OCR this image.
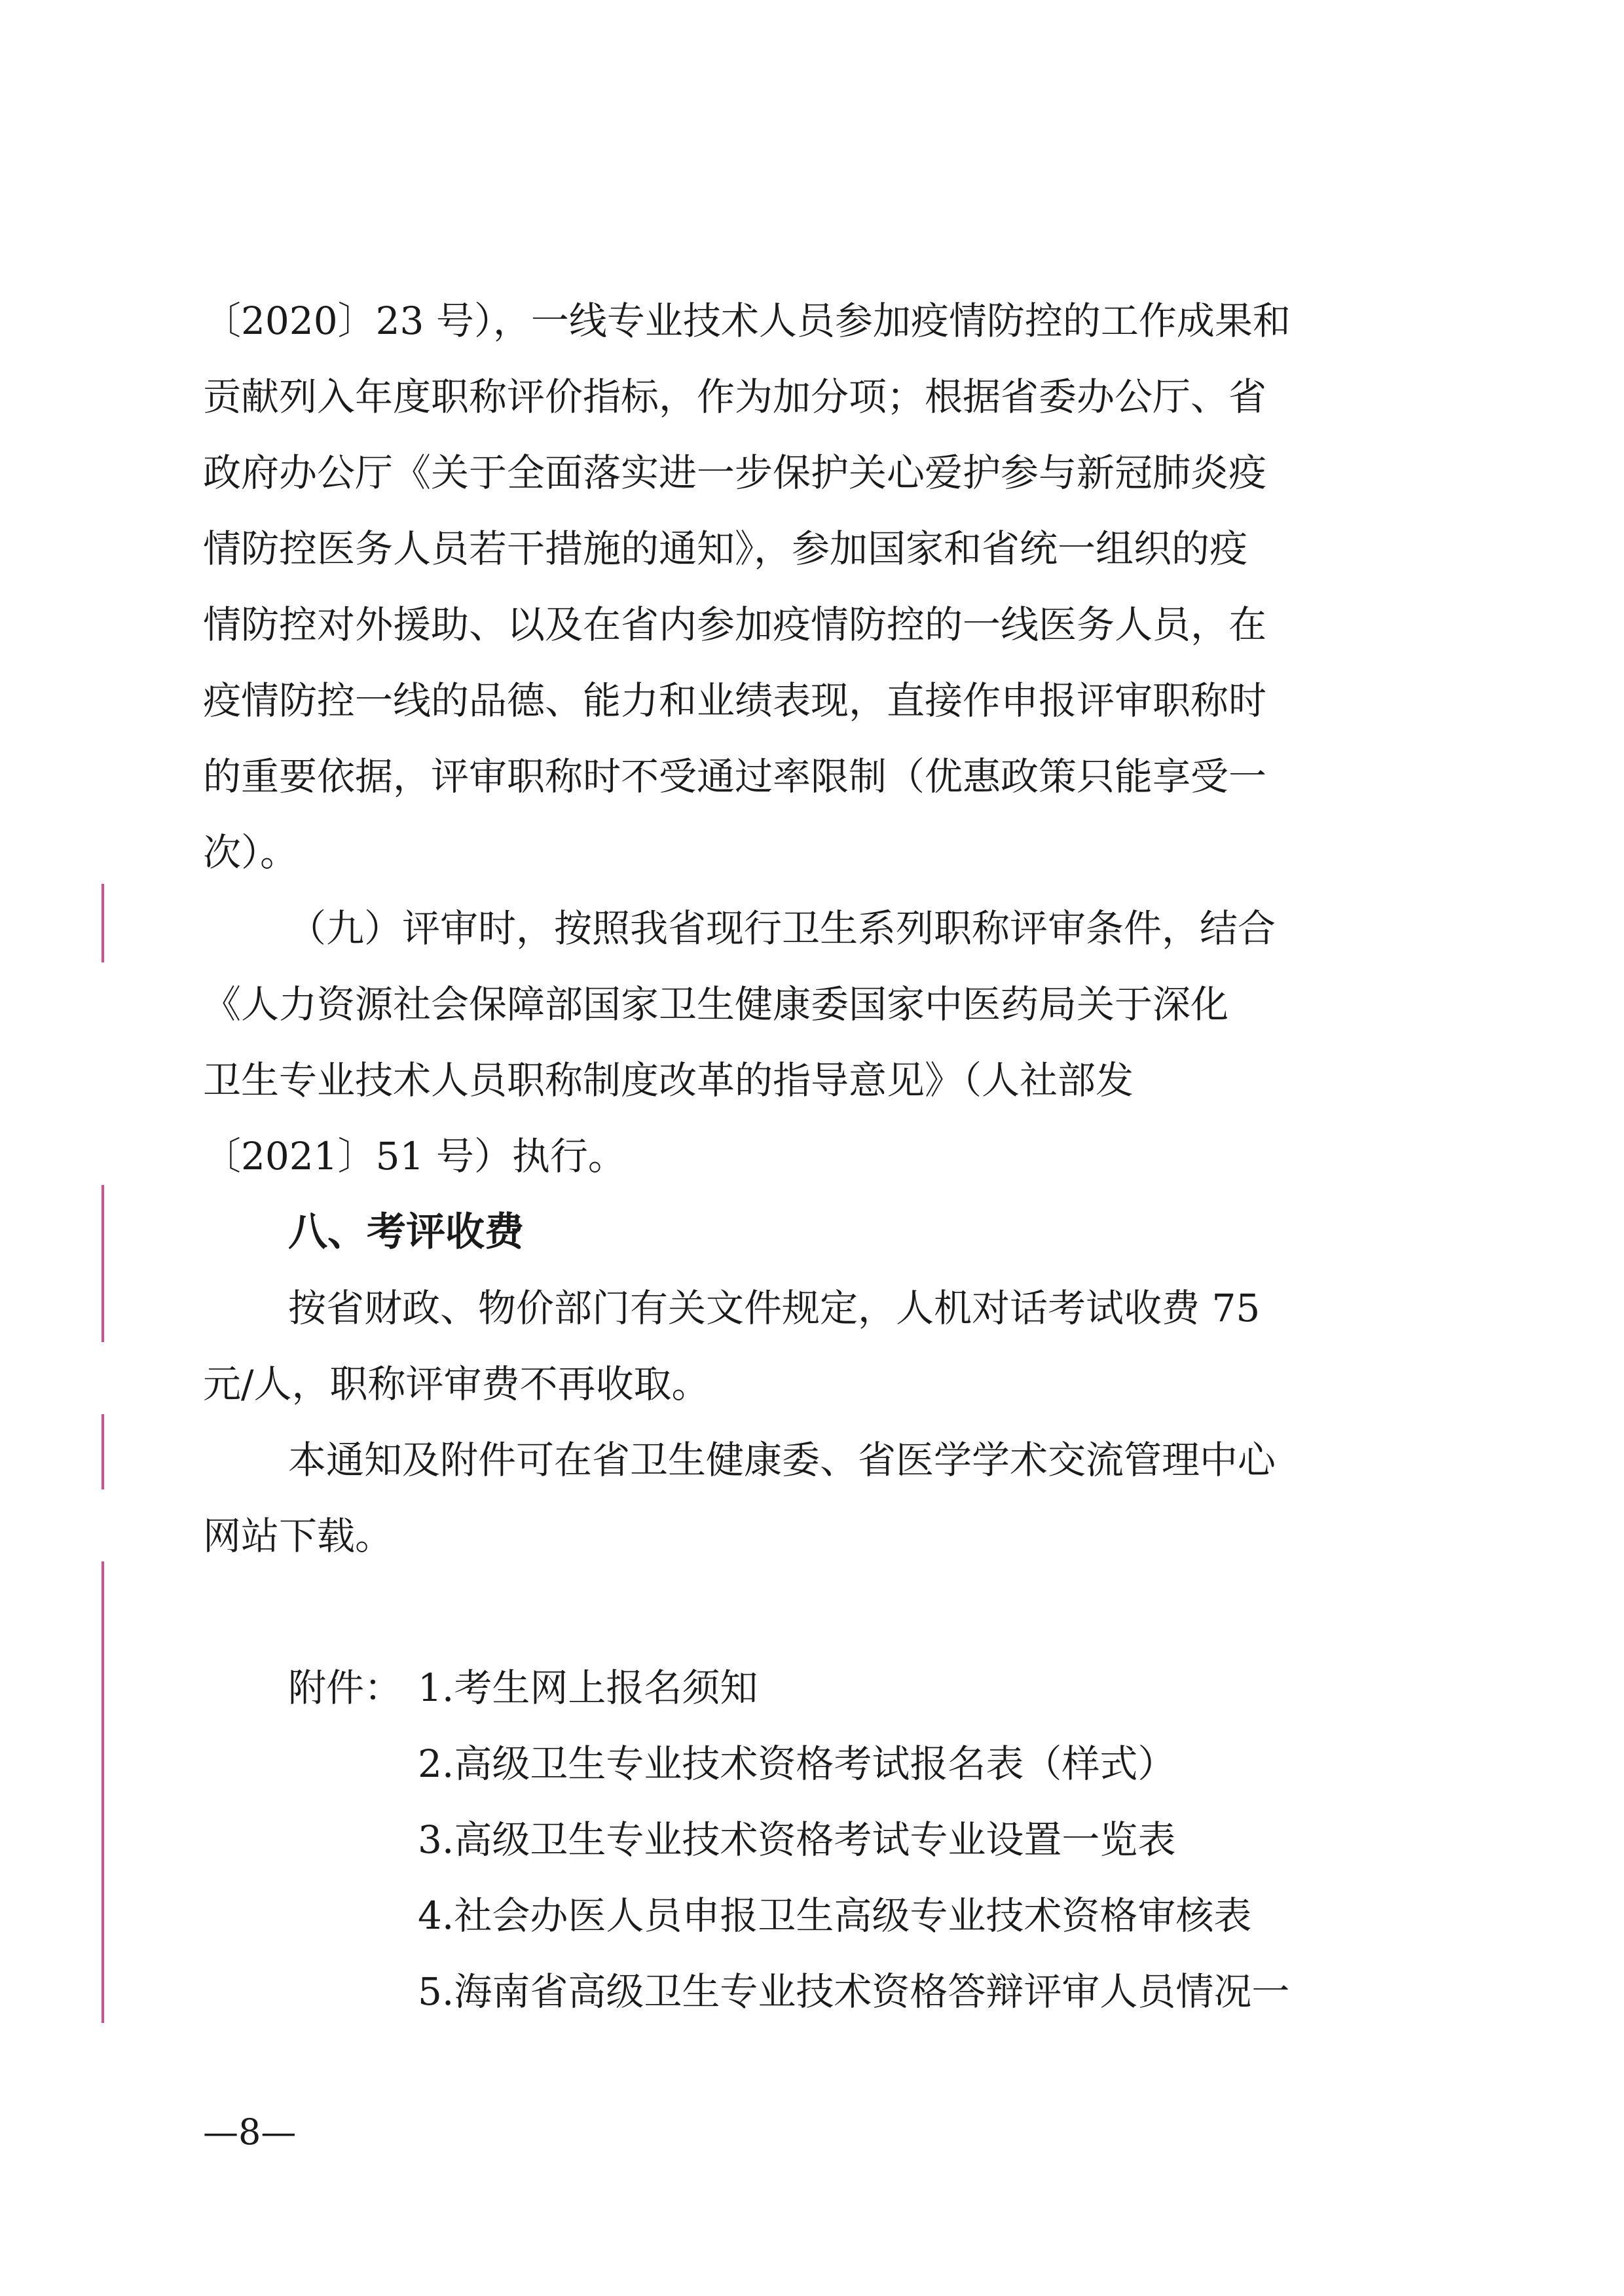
〔2020〕23 号），一线专业技术人员参加疫情防控的工作成果和
贡献列入年度职称评价指标，作为加分项；根据省委办公厅、省
政府办公厅《关于全面落实进一步保护关心爱护参与新冠肺炎疫
情防控医务人员若干措施的通知》，参加国家和省统一组织的疫
情防控对外援助、以及在省内参加疫情防控的一线医务人员，在
疫情防控一线的品德、能力和业绩表现，直接作申报评审职称时
的重要依据，评审职称时不受通过率限制（优惠政策只能享受一
次）。
（九）评审时，按照我省现行卫生系列职称评审条件，结合
《人力资源社会保障部国家卫生健康委国家中医药局关于深化
卫生专业技术人员职称制度改革的指导意见》（人社部发
〔2021〕51 号）执行。
八、考评收费
按省财政、物价部门有关文件规定，人机对话考试收费 75
元/人，职称评审费不再收取。
本通知及附件可在省卫生健康委、省医学学术交流管理中心
网站下载。
附件： 1.考生网上报名须知
2.高级卫生专业技术资格考试报名表（样式）
3.高级卫生专业技术资格考试专业设置一览表
4.社会办医人员申报卫生高级专业技术资格审核表
5.海南省高级卫生专业技术资格答辩评审人员情况一
—8—
